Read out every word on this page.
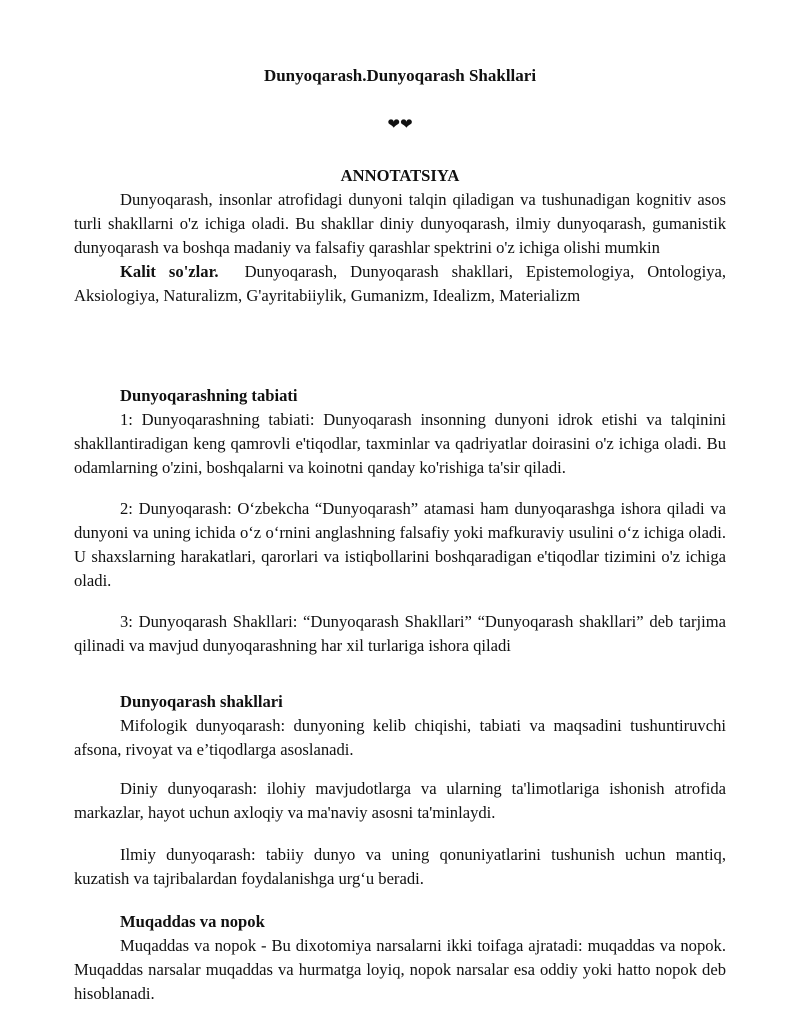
Dunyoqarash.Dunyoqarash Shakllari
❤❤

ANNOTATSIYA

Dunyoqarash, insonlar atrofidagi dunyoni talqin qiladigan va tushunadigan kognitiv asos turli shakllarni o'z ichiga oladi. Bu shakllar diniy dunyoqarash, ilmiy dunyoqarash, gumanistik dunyoqarash va boshqa madaniy va falsafiy qarashlar spektrini o'z ichiga olishi mumkin

Kalit so'zlar. Dunyoqarash, Dunyoqarash shakllari, Epistemologiya, Ontologiya, Aksiologiya, Naturalizm, G'ayritabiiylik, Gumanizm, Idealizm, Materializm

Dunyoqarashning tabiati

1: Dunyoqarashning tabiati: Dunyoqarash insonning dunyoni idrok etishi va talqinini shakllantiradigan keng qamrovli e'tiqodlar, taxminlar va qadriyatlar doirasini o'z ichiga oladi. Bu odamlarning o'zini, boshqalarni va koinotni qanday ko'rishiga ta'sir qiladi.

2: Dunyoqarash: O‘zbekcha “Dunyoqarash” atamasi ham dunyoqarashga ishora qiladi va dunyoni va uning ichida o‘z o‘rnini anglashning falsafiy yoki mafkuraviy usulini o‘z ichiga oladi. U shaxslarning harakatlari, qarorlari va istiqbollarini boshqaradigan e'tiqodlar tizimini o'z ichiga oladi.

3: Dunyoqarash Shakllari: “Dunyoqarash Shakllari” “Dunyoqarash shakllari” deb tarjima qilinadi va mavjud dunyoqarashning har xil turlariga ishora qiladi

Dunyoqarash shakllari

Mifologik dunyoqarash: dunyoning kelib chiqishi, tabiati va maqsadini tushuntiruvchi afsona, rivoyat va e’tiqodlarga asoslanadi.

Diniy dunyoqarash: ilohiy mavjudotlarga va ularning ta'limotlariga ishonish atrofida markazlar, hayot uchun axloqiy va ma'naviy asosni ta'minlaydi.

Ilmiy dunyoqarash: tabiiy dunyo va uning qonuniyatlarini tushunish uchun mantiq, kuzatish va tajribalardan foydalanishga urg‘u beradi.

Muqaddas va nopok

Muqaddas va nopok - Bu dixotomiya narsalarni ikki toifaga ajratadi: muqaddas va nopok. Muqaddas narsalar muqaddas va hurmatga loyiq, nopok narsalar esa oddiy yoki hatto nopok deb hisoblanadi.
